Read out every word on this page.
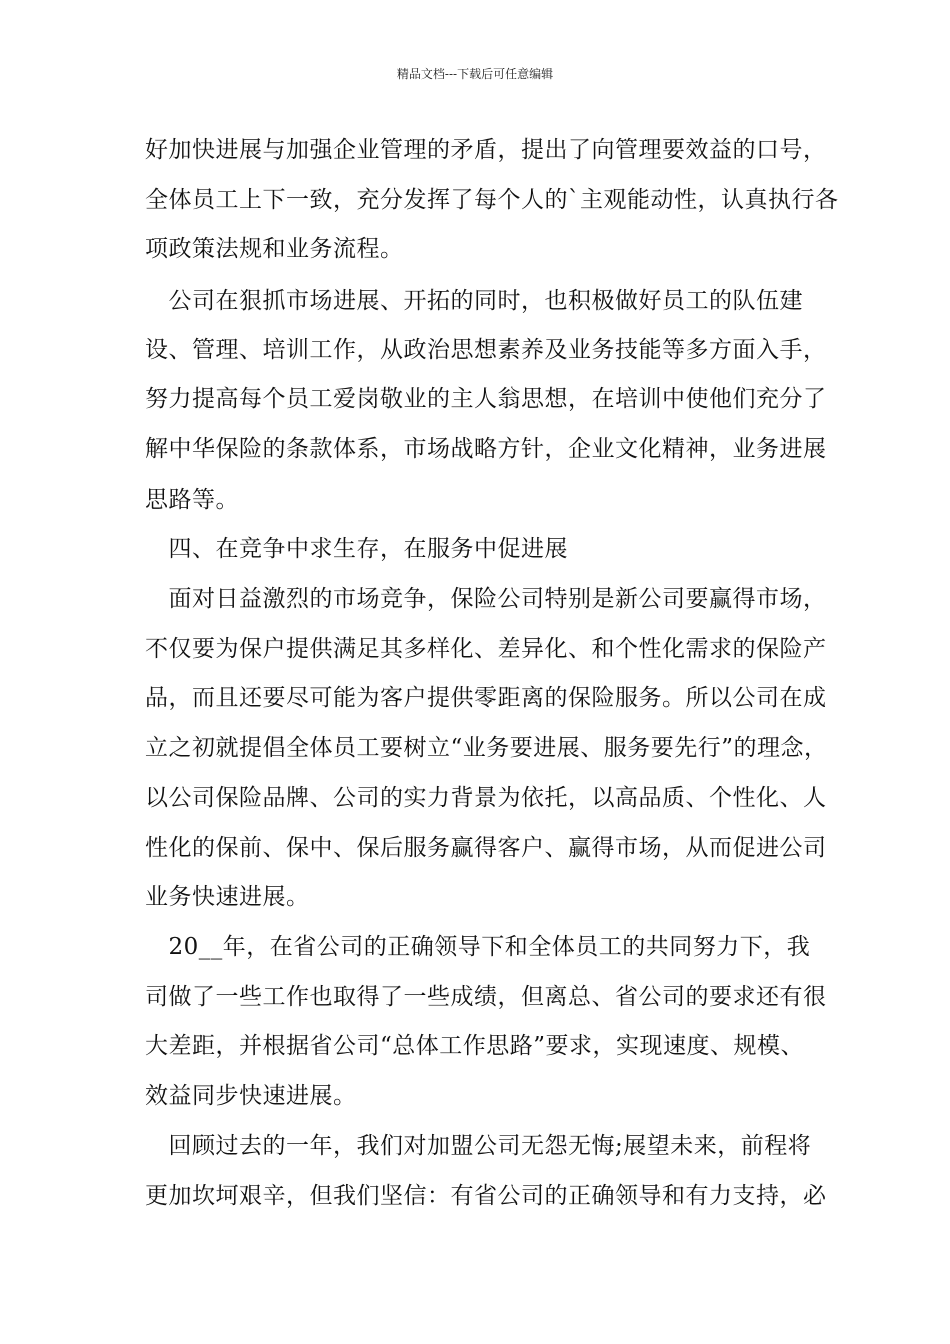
精品文档---下载后可任意编辑
好加快进展与加强企业管理的矛盾，提出了向管理要效益的口号，
全体员工上下一致，充分发挥了每个人的`主观能动性，认真执行各
项政策法规和业务流程。
　公司在狠抓市场进展、开拓的同时，也积极做好员工的队伍建
设、管理、培训工作，从政治思想素养及业务技能等多方面入手，
努力提高每个员工爱岗敬业的主人翁思想，在培训中使他们充分了
解中华保险的条款体系，市场战略方针，企业文化精神，业务进展
思路等。
　四、在竞争中求生存，在服务中促进展
　面对日益激烈的市场竞争，保险公司特别是新公司要赢得市场，
不仅要为保户提供满足其多样化、差异化、和个性化需求的保险产
品，而且还要尽可能为客户提供零距离的保险服务。所以公司在成
立之初就提倡全体员工要树立“业务要进展、服务要先行”的理念，
以公司保险品牌、公司的实力背景为依托，以高品质、个性化、人
性化的保前、保中、保后服务赢得客户、赢得市场，从而促进公司
业务快速进展。
　20__年，在省公司的正确领导下和全体员工的共同努力下，我
司做了一些工作也取得了一些成绩，但离总、省公司的要求还有很
大差距，并根据省公司“总体工作思路”要求，实现速度、规模、
效益同步快速进展。
　回顾过去的一年，我们对加盟公司无怨无悔;展望未来，前程将
更加坎坷艰辛，但我们坚信：有省公司的正确领导和有力支持，必
